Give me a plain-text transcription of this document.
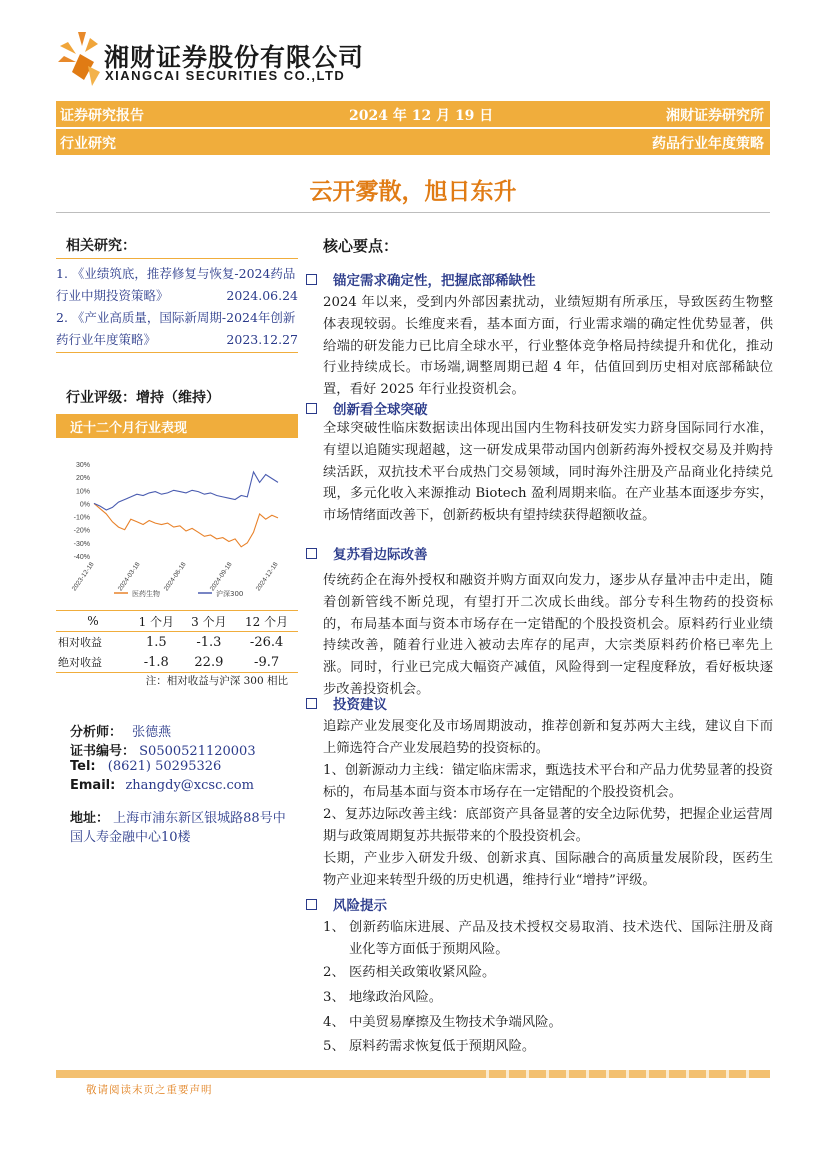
湘财证券股份有限公司
XIANGCAI SECURITIES CO.,LTD
证券研究报告	2024 年 12 月 19 日	湘财证券研究所
行业研究	药品行业年度策略
云开雾散，旭日东升
相关研究：
1. 《业绩筑底，推荐修复与恢复-2024药品行业中期投资策略》	2024.06.24
2. 《产业高质量，国际新周期-2024年创新药行业年度策略》	2023.12.27
行业评级：增持（维持）
近十二个月行业表现
30%
20%
10%
0%
-10%
-20%
-30%
-40%
2023-12-18	2024-03-18	2024-06-18	2024-09-18	2024-12-18
医药生物	沪深300
%	1 个月	3 个月	12 个月
相对收益	1.5	-1.3	-26.4
绝对收益	-1.8	22.9	-9.7
注：相对收益与沪深 300 相比
分析师： 张德燕
证书编号： S0500521120003
Tel: (8621) 50295326
Email: zhangdy@xcsc.com
地址： 上海市浦东新区银城路88号中国人寿金融中心10楼
核心要点：
锚定需求确定性，把握底部稀缺性
2024 年以来，受到内外部因素扰动，业绩短期有所承压，导致医药生物整体表现较弱。长维度来看，基本面方面，行业需求端的确定性优势显著，供给端的研发能力已比肩全球水平，行业整体竞争格局持续提升和优化，推动行业持续成长。市场端,调整周期已超 4 年，估值回到历史相对底部稀缺位置，看好 2025 年行业投资机会。
创新看全球突破
全球突破性临床数据读出体现出国内生物科技研发实力跻身国际同行水准，有望以追随实现超越，这一研发成果带动国内创新药海外授权交易及并购持续活跃，双抗技术平台成热门交易领域，同时海外注册及产品商业化持续兑现，多元化收入来源推动 Biotech 盈利周期来临。在产业基本面逐步夯实，市场情绪面改善下，创新药板块有望持续获得超额收益。
复苏看边际改善
传统药企在海外授权和融资并购方面双向发力，逐步从存量冲击中走出，随着创新管线不断兑现，有望打开二次成长曲线。部分专科生物药的投资标的，布局基本面与资本市场存在一定错配的个股投资机会。原料药行业业绩持续改善，随着行业进入被动去库存的尾声，大宗类原料药价格已率先上涨。同时，行业已完成大幅资产减值，风险得到一定程度释放，看好板块逐步改善投资机会。
投资建议
追踪产业发展变化及市场周期波动，推荐创新和复苏两大主线，建议自下而上筛选符合产业发展趋势的投资标的。
1、创新源动力主线：锚定临床需求，甄选技术平台和产品力优势显著的投资标的，布局基本面与资本市场存在一定错配的个股投资机会。
2、复苏边际改善主线：底部资产具备显著的安全边际优势，把握企业运营周期与政策周期复苏共振带来的个股投资机会。
长期，产业步入研发升级、创新求真、国际融合的高质量发展阶段，医药生物产业迎来转型升级的历史机遇，维持行业“增持”评级。
风险提示
1、 创新药临床进展、产品及技术授权交易取消、技术迭代、国际注册及商业化等方面低于预期风险。
2、 医药相关政策收紧风险。
3、 地缘政治风险。
4、 中美贸易摩擦及生物技术争端风险。
5、 原料药需求恢复低于预期风险。
敬请阅读末页之重要声明
